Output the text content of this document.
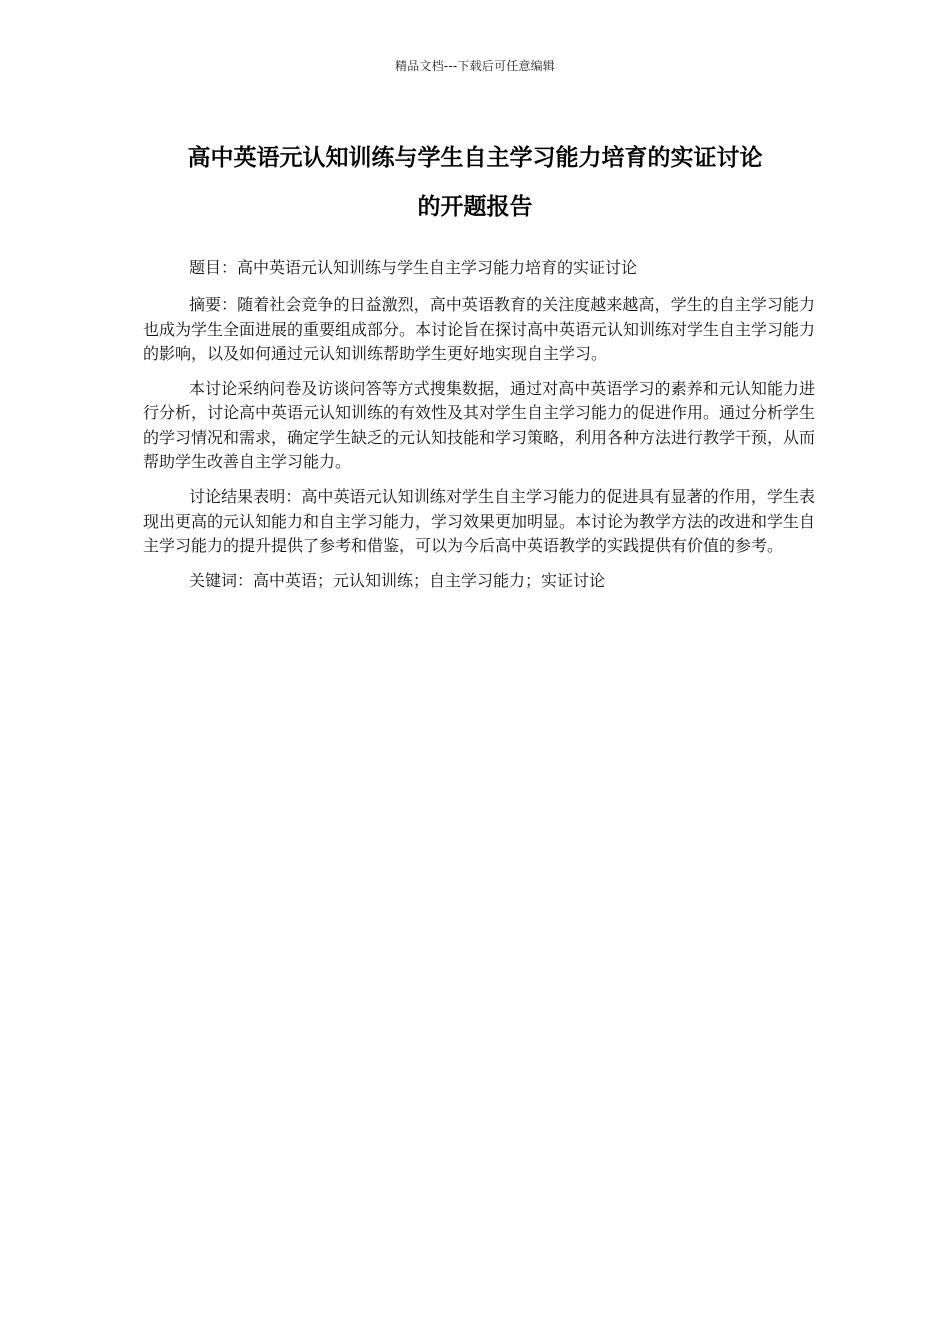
精品文档---下载后可任意编辑
高中英语元认知训练与学生自主学习能力培育的实证讨论
的开题报告

题目：高中英语元认知训练与学生自主学习能力培育的实证讨论

摘要：随着社会竞争的日益激烈，高中英语教育的关注度越来越高，学生的自主学习能力也成为学生全面进展的重要组成部分。本讨论旨在探讨高中英语元认知训练对学生自主学习能力的影响，以及如何通过元认知训练帮助学生更好地实现自主学习。

本讨论采纳问卷及访谈问答等方式搜集数据，通过对高中英语学习的素养和元认知能力进行分析，讨论高中英语元认知训练的有效性及其对学生自主学习能力的促进作用。通过分析学生的学习情况和需求，确定学生缺乏的元认知技能和学习策略，利用各种方法进行教学干预，从而帮助学生改善自主学习能力。

讨论结果表明：高中英语元认知训练对学生自主学习能力的促进具有显著的作用，学生表现出更高的元认知能力和自主学习能力，学习效果更加明显。本讨论为教学方法的改进和学生自主学习能力的提升提供了参考和借鉴，可以为今后高中英语教学的实践提供有价值的参考。

关键词：高中英语；元认知训练；自主学习能力；实证讨论
